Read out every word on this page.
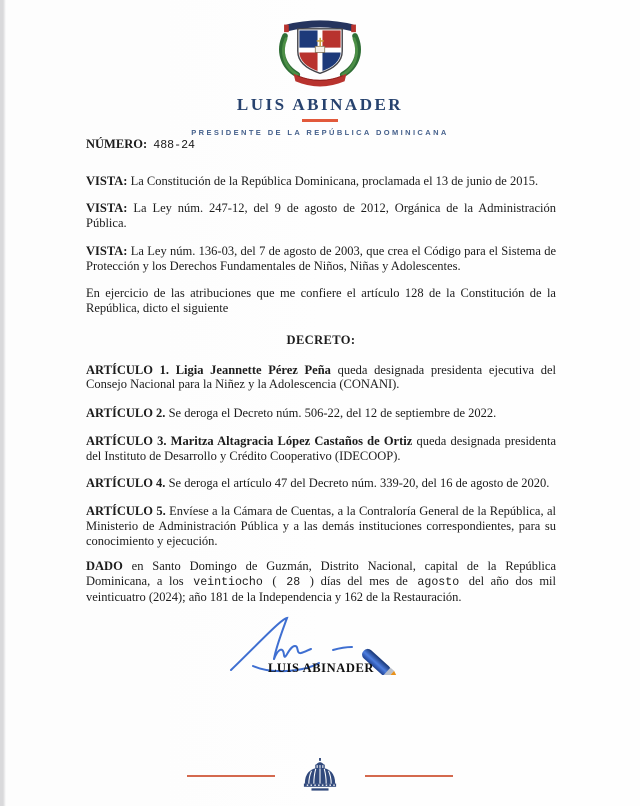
LUIS ABINADER
PRESIDENTE DE LA REPÚBLICA DOMINICANA

NÚMERO: 488-24

VISTA: La Constitución de la República Dominicana, proclamada el 13 de junio de 2015.

VISTA: La Ley núm. 247-12, del 9 de agosto de 2012, Orgánica de la Administración Pública.

VISTA: La Ley núm. 136-03, del 7 de agosto de 2003, que crea el Código para el Sistema de Protección y los Derechos Fundamentales de Niños, Niñas y Adolescentes.

En ejercicio de las atribuciones que me confiere el artículo 128 de la Constitución de la República, dicto el siguiente

DECRETO:

ARTÍCULO 1. Ligia Jeannette Pérez Peña queda designada presidenta ejecutiva del Consejo Nacional para la Niñez y la Adolescencia (CONANI).

ARTÍCULO 2. Se deroga el Decreto núm. 506-22, del 12 de septiembre de 2022.

ARTÍCULO 3. Maritza Altagracia López Castaños de Ortiz queda designada presidenta del Instituto de Desarrollo y Crédito Cooperativo (IDECOOP).

ARTÍCULO 4. Se deroga el artículo 47 del Decreto núm. 339-20, del 16 de agosto de 2020.

ARTÍCULO 5. Envíese a la Cámara de Cuentas, a la Contraloría General de la República, al Ministerio de Administración Pública y a las demás instituciones correspondientes, para su conocimiento y ejecución.

DADO en Santo Domingo de Guzmán, Distrito Nacional, capital de la República Dominicana, a los veintiocho ( 28 ) días del mes de agosto del año dos mil veinticuatro (2024); año 181 de la Independencia y 162 de la Restauración.

LUIS ABINADER
